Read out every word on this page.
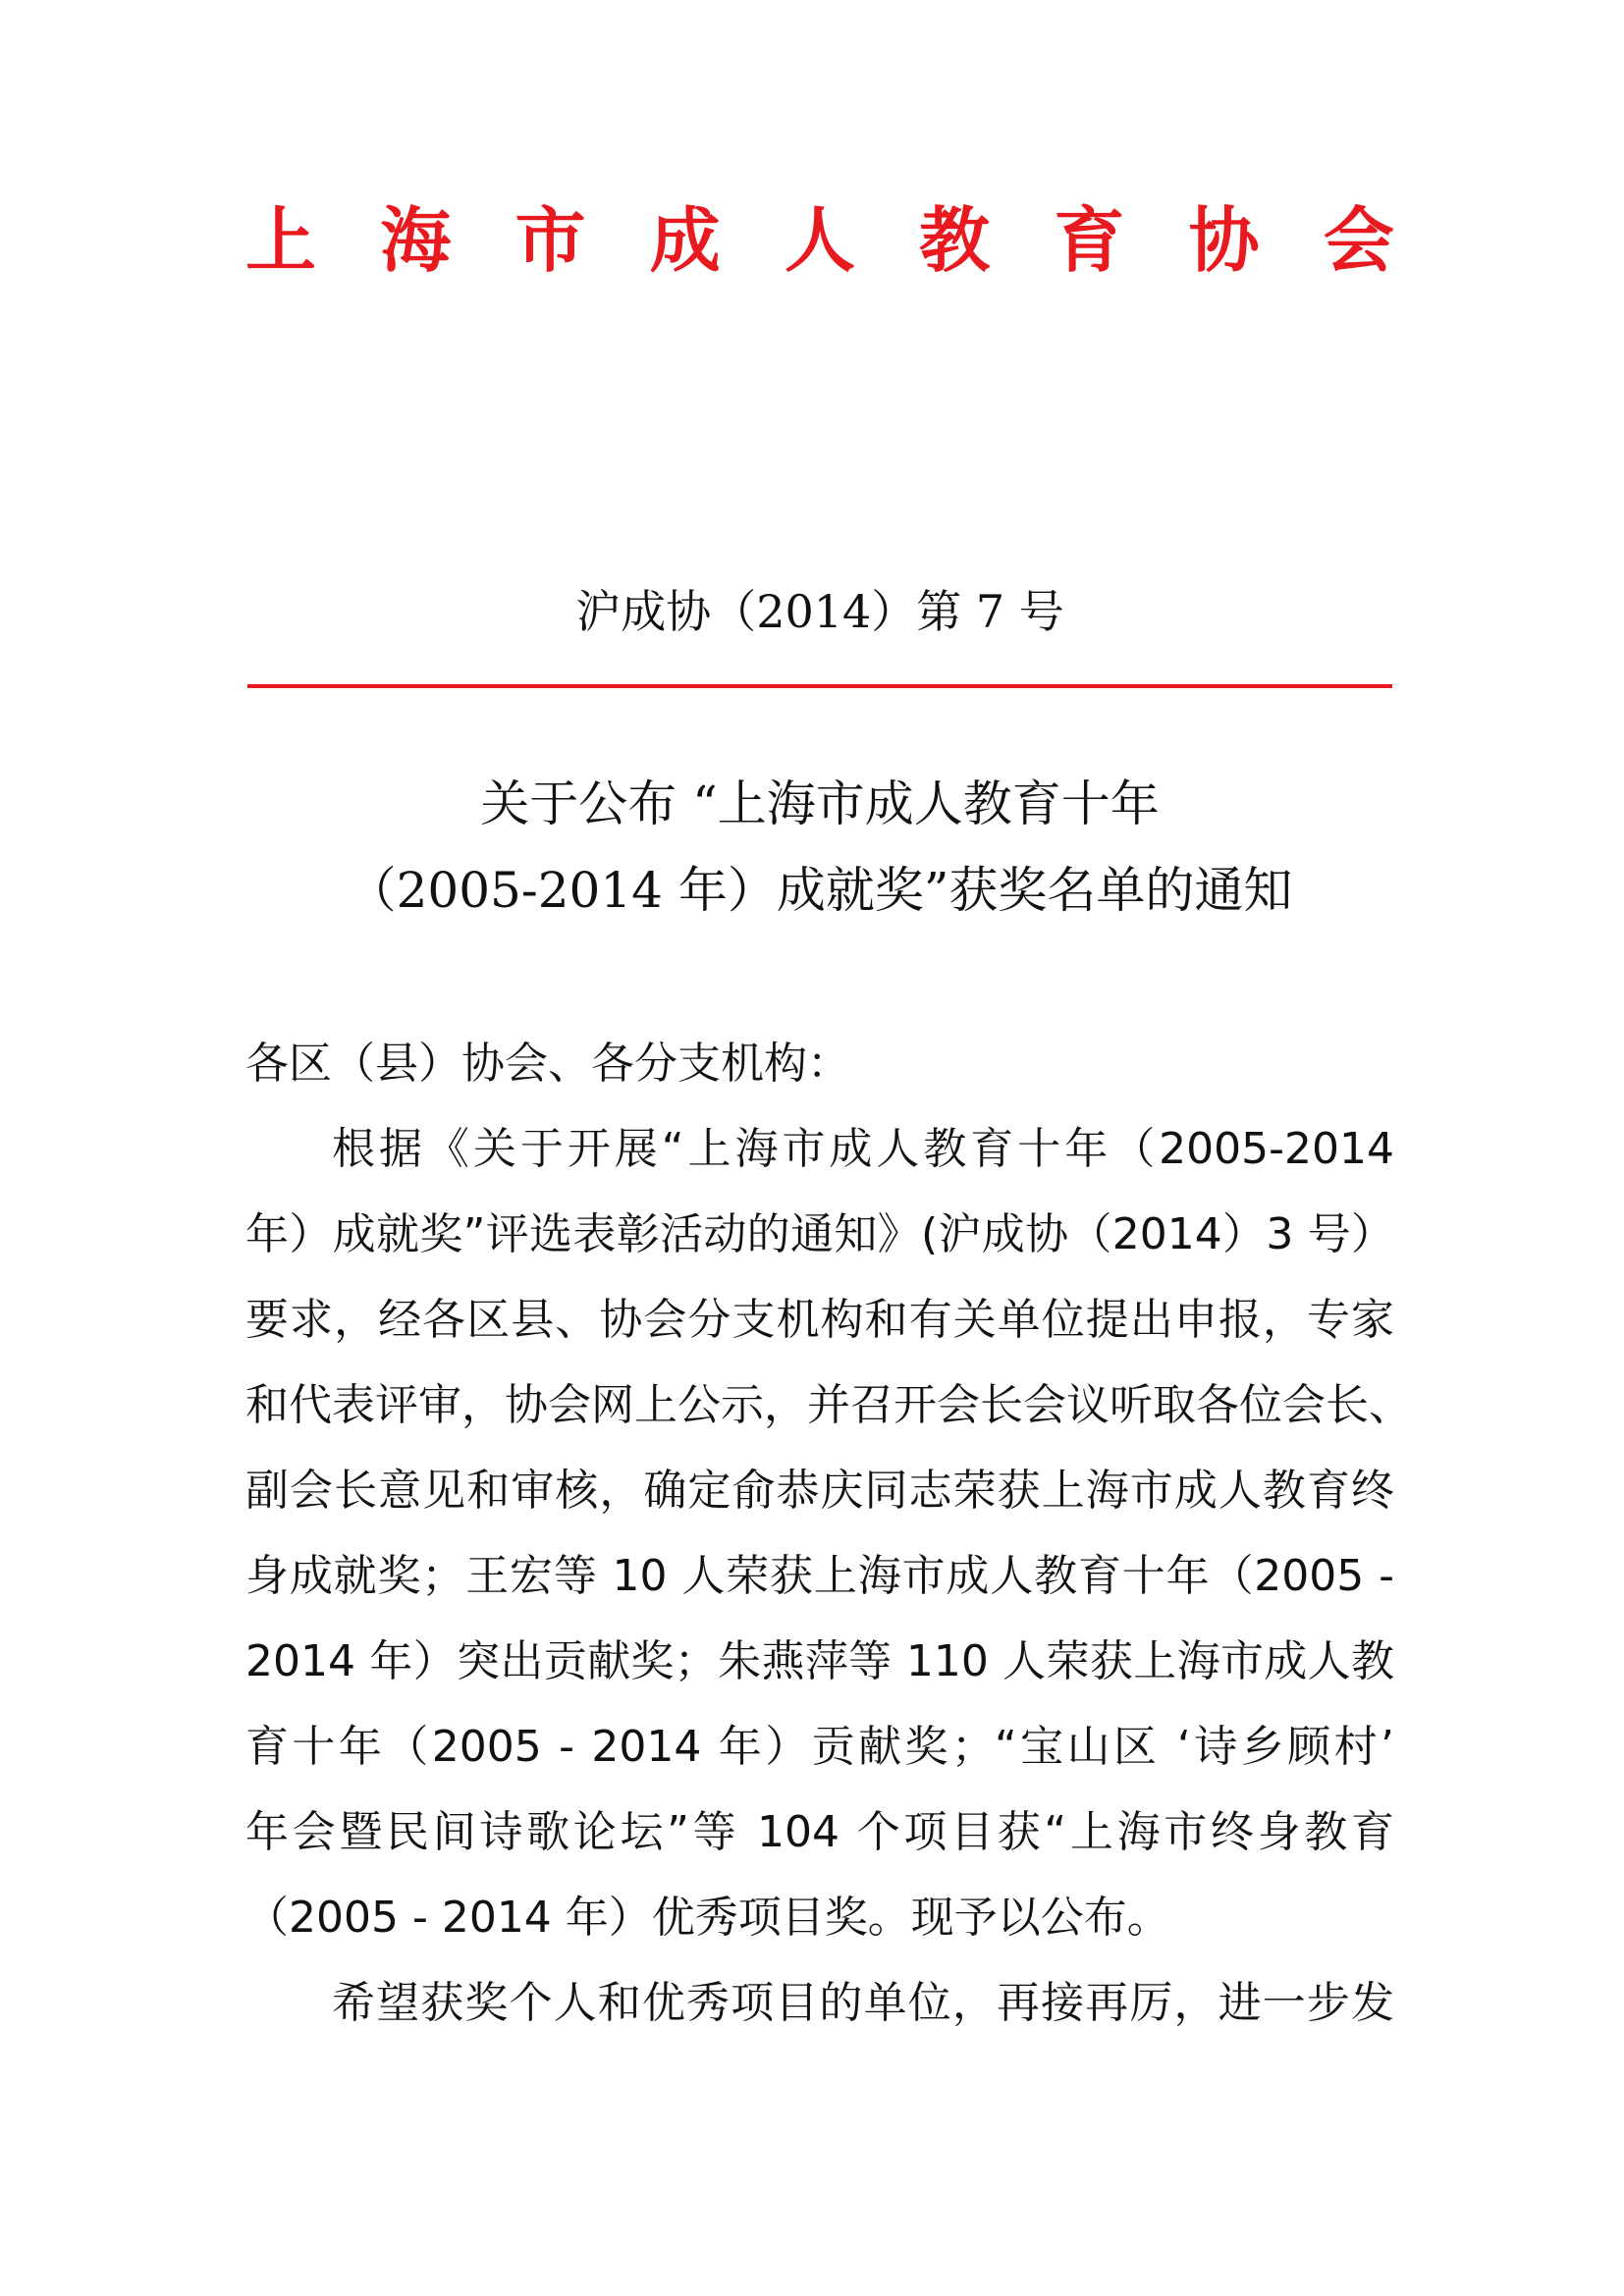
上 海 市 成 人 教 育 协 会
沪成协（2014）第 7 号
关于公布 “上海市成人教育十年
（2005-2014 年）成就奖”获奖名单的通知
各区（县）协会、各分支机构：
根据《关于开展“上海市成人教育十年（2005-2014
年）成就奖”评选表彰活动的通知》(沪成协（2014）3 号）
要求，经各区县、协会分支机构和有关单位提出申报，专家
和代表评审，协会网上公示，并召开会长会议听取各位会长、
副会长意见和审核，确定俞恭庆同志荣获上海市成人教育终
身成就奖；王宏等 10 人荣获上海市成人教育十年（2005 -
2014 年）突出贡献奖；朱燕萍等 110 人荣获上海市成人教
育十年（2005 - 2014 年）贡献奖；“宝山区 ‘诗乡顾村’
年会暨民间诗歌论坛”等 104 个项目获“上海市终身教育
（2005 - 2014 年）优秀项目奖。现予以公布。
希望获奖个人和优秀项目的单位，再接再厉，进一步发
